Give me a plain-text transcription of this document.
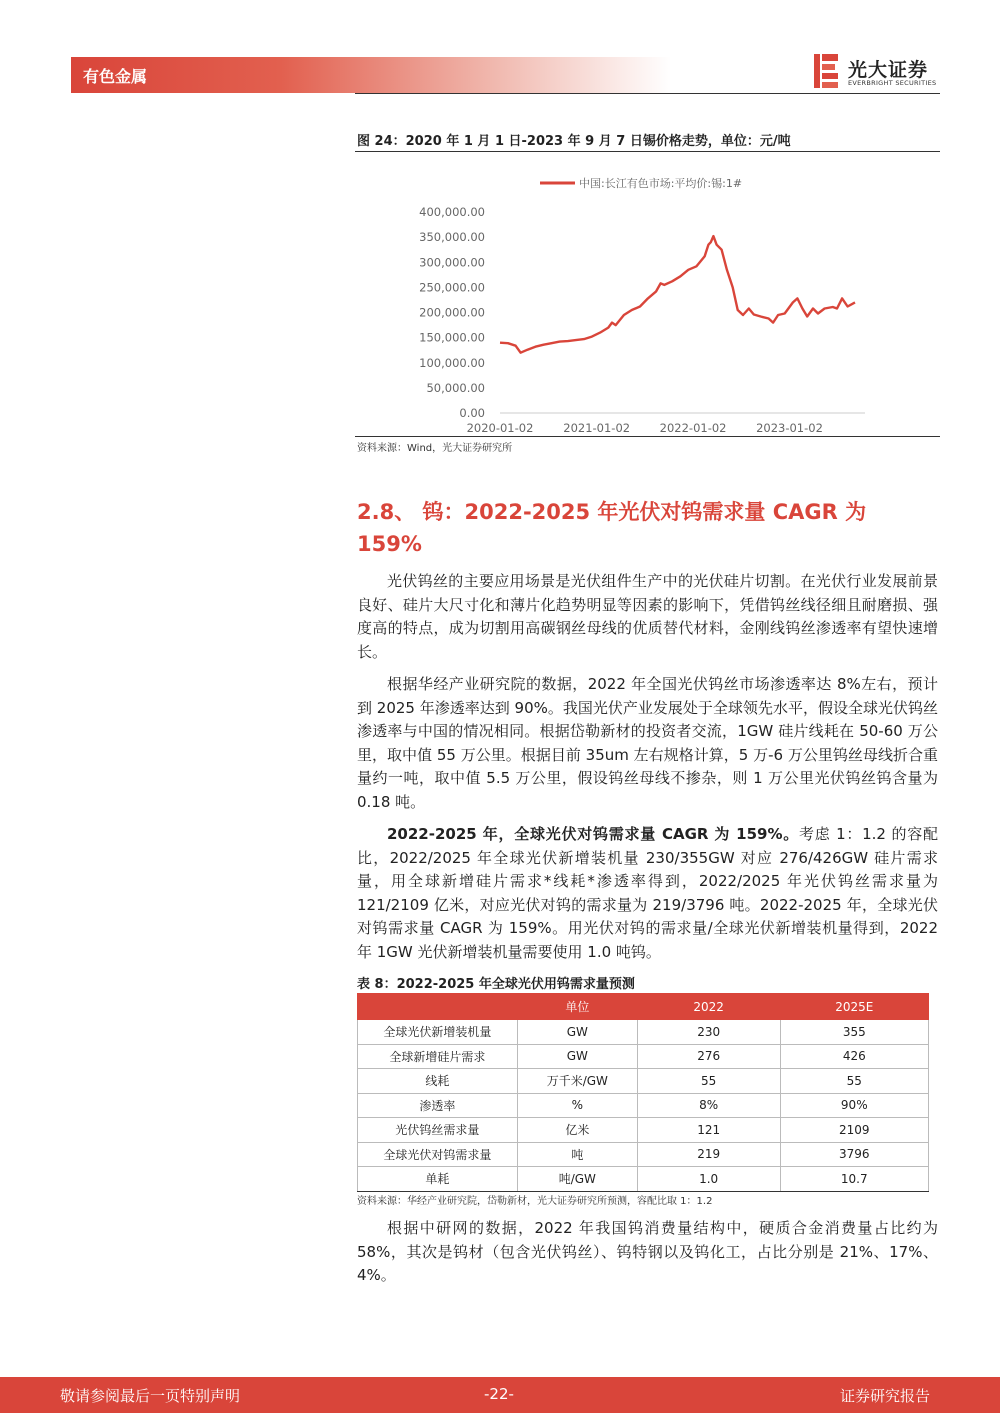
有色金属	光大证券
EVERBRIGHT SECURITIES
图 24：2020 年 1 月 1 日-2023 年 9 月 7 日锡价格走势，单位：元/吨
中国:长江有色市场:平均价:锡:1#
0.00
50,000.00
100,000.00
150,000.00
200,000.00
250,000.00
300,000.00
350,000.00
400,000.00
2020-01-02	2021-01-02	2022-01-02	2023-01-02
资料来源：Wind，光大证券研究所
2.8、 钨：2022-2025 年光伏对钨需求量 CAGR 为 159%

光伏钨丝的主要应用场景是光伏组件生产中的光伏硅片切割。在光伏行业发展前景良好、硅片大尺寸化和薄片化趋势明显等因素的影响下，凭借钨丝线径细且耐磨损、强度高的特点，成为切割用高碳钢丝母线的优质替代材料，金刚线钨丝渗透率有望快速增长。

根据华经产业研究院的数据，2022 年全国光伏钨丝市场渗透率达 8%左右，预计到 2025 年渗透率达到 90%。我国光伏产业发展处于全球领先水平，假设全球光伏钨丝渗透率与中国的情况相同。根据岱勒新材的投资者交流，1GW 硅片线耗在 50-60 万公里，取中值 55 万公里。根据目前 35um 左右规格计算，5 万-6 万公里钨丝母线折合重量约一吨，取中值 5.5 万公里，假设钨丝母线不掺杂，则 1 万公里光伏钨丝钨含量为 0.18 吨。

2022-2025 年，全球光伏对钨需求量 CAGR 为 159%。考虑 1：1.2 的容配比，2022/2025 年全球光伏新增装机量 230/355GW 对应 276/426GW 硅片需求量，用全球新增硅片需求*线耗*渗透率得到，2022/2025 年光伏钨丝需求量为 121/2109 亿米，对应光伏对钨的需求量为 219/3796 吨。2022-2025 年，全球光伏对钨需求量 CAGR 为 159%。用光伏对钨的需求量/全球光伏新增装机量得到，2022 年 1GW 光伏新增装机量需要使用 1.0 吨钨。

表 8：2022-2025 年全球光伏用钨需求量预测
	单位	2022	2025E
全球光伏新增装机量	GW	230	355
全球新增硅片需求	GW	276	426
线耗	万千米/GW	55	55
渗透率	%	8%	90%
光伏钨丝需求量	亿米	121	2109
全球光伏对钨需求量	吨	219	3796
单耗	吨/GW	1.0	10.7
资料来源：华经产业研究院，岱勒新材，光大证券研究所预测，容配比取 1：1.2

根据中研网的数据，2022 年我国钨消费量结构中，硬质合金消费量占比约为 58%，其次是钨材（包含光伏钨丝）、钨特钢以及钨化工，占比分别是 21%、17%、4%。

敬请参阅最后一页特别声明	-22-	证券研究报告
